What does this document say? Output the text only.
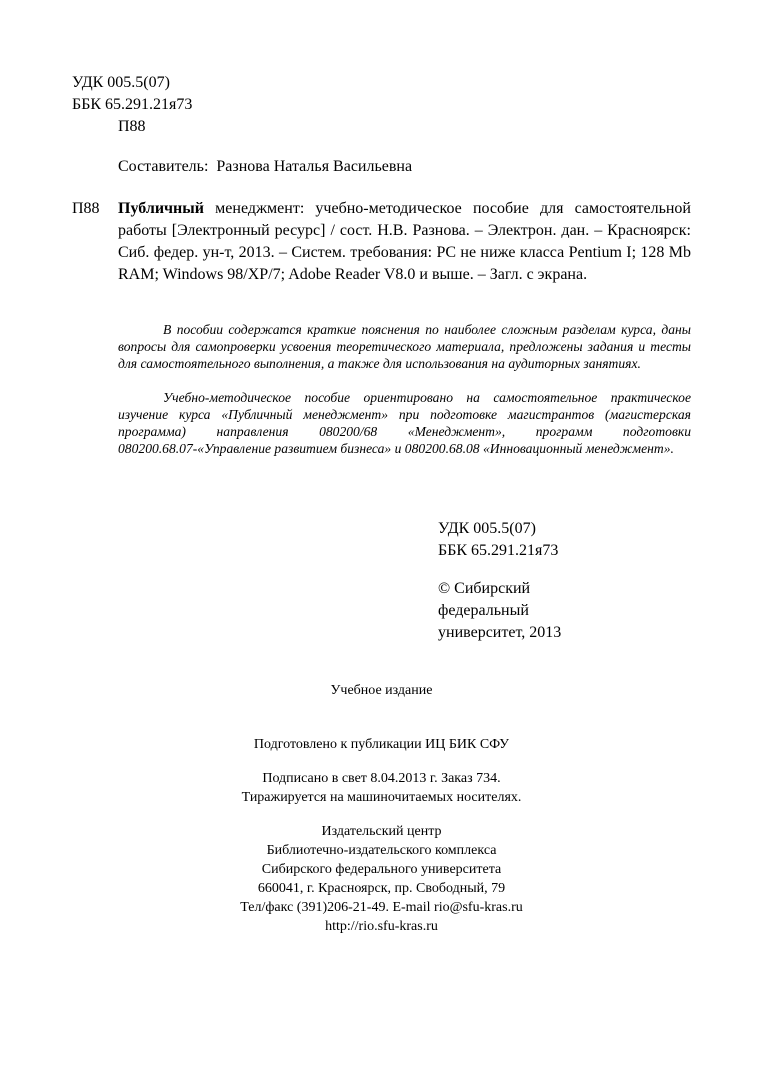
УДК 005.5(07)
ББК 65.291.21я73
П88
Составитель: Разнова Наталья Васильевна
П88	Публичный менеджмент: учебно-методическое пособие для самостоятельной работы [Электронный ресурс] / сост. Н.В. Разнова. – Электрон. дан. – Красноярск: Сиб. федер. ун-т, 2013. – Систем. требования: PC не ниже класса Pentium I; 128 Mb RAM; Windows 98/XP/7; Adobe Reader V8.0 и выше. – Загл. с экрана.
В пособии содержатся краткие пояснения по наиболее сложным разделам курса, даны вопросы для самопроверки усвоения теоретического материала, предложены задания и тесты для самостоятельного выполнения, а также для использования на аудиторных занятиях.
Учебно-методическое пособие ориентировано на самостоятельное практическое изучение курса «Публичный менеджмент» при подготовке магистрантов (магистерская программа) направления 080200/68 «Менеджмент», программ подготовки 080200.68.07-«Управление развитием бизнеса» и 080200.68.08 «Инновационный менеджмент».
УДК 005.5(07)
ББК 65.291.21я73
© Сибирский
федеральный
университет, 2013
Учебное издание
Подготовлено к публикации ИЦ БИК СФУ
Подписано в свет 8.04.2013 г. Заказ 734.
Тиражируется на машиночитаемых носителях.
Издательский центр
Библиотечно-издательского комплекса
Сибирского федерального университета
660041, г. Красноярск, пр. Свободный, 79
Тел/факс (391)206-21-49. E-mail rio@sfu-kras.ru
http://rio.sfu-kras.ru
